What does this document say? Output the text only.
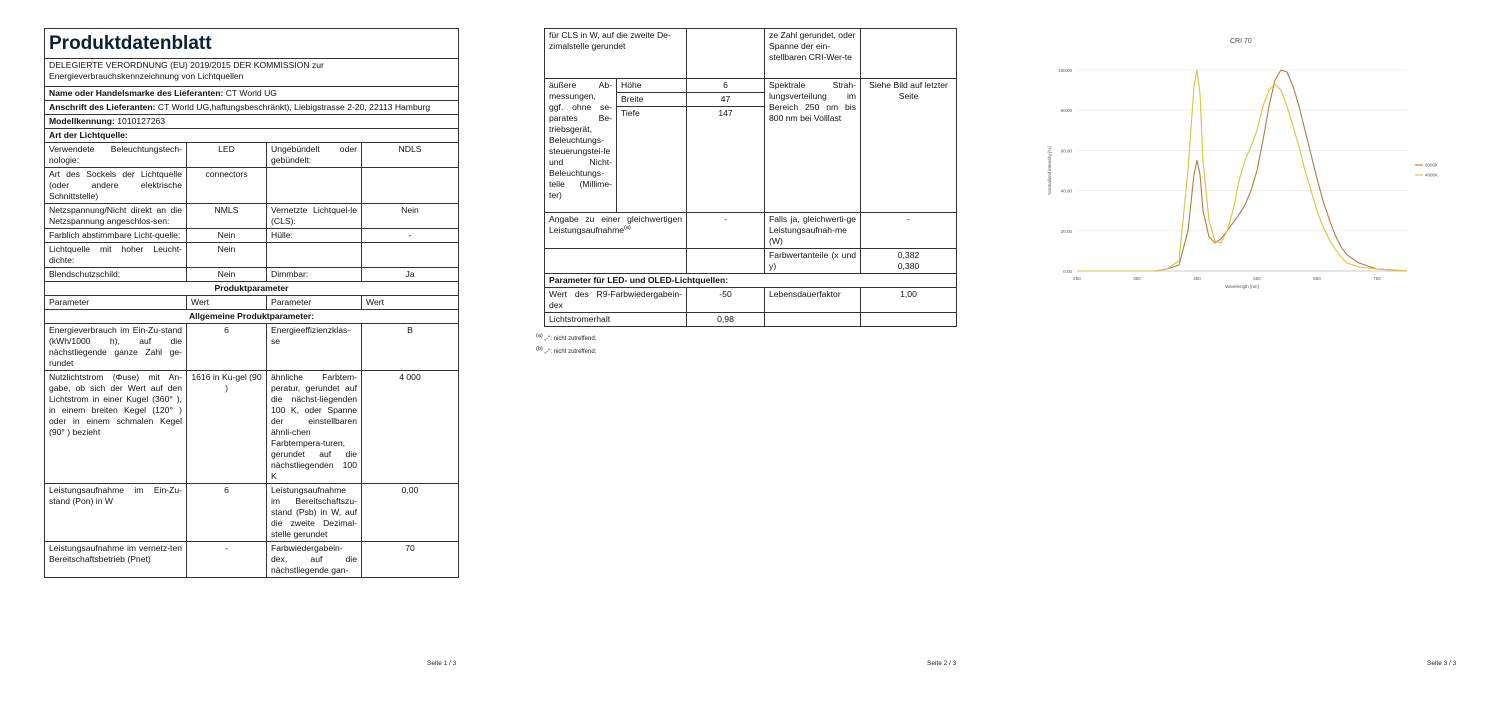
Produktdatenblatt			

DELEGIERTE VERORDNUNG (EU) 2019/2015 DER KOMMISSION zur Energieverbrauchskennzeichnung von Lichtquellen			
Name oder Handelsmarke des Lieferanten: CT World UG			
Anschrift des Lieferanten: CT World UG,haftungsbeschränkt), Liebigstrasse 2-20, 22113 Hamburg			
Modellkennung: 1010127263			
Art der Lichtquelle:			
Verwendete Beleuchtungstech-nologie:	LED	Ungebündelt oder gebündelt:	NDLS
Art des Sockels der Lichtquelle (oder andere elektrische Schnittstelle)	connectors		
Netzspannung/Nicht direkt an die Netzspannung angeschlos-sen:	NMLS	Vernetzte Lichtquel-le (CLS):	Nein
Farblich abstimmbare Licht-quelle:	Nein	Hülle:	-
Lichtquelle mit hoher Leucht-dichte:	Nein		
Blendschutzschild:	Nein	Dimmbar:	Ja
Produktparameter			
Parameter	Wert	Parameter	Wert
Allgemeine Produktparameter:			
Energieverbrauch im Ein-Zu-stand (kWh/1000 h), auf die nächstliegende ganze Zahl ge-rundet	6	Energieeffizienzklas-se	B
Nutzlichtstrom (Φuse) mit An-gabe, ob sich der Wert auf den Lichtstrom in einer Kugel (360° ), in einem breiten Kegel (120° ) oder in einem schmalen Kegel (90° ) bezieht	1616 in Ku-gel (90 )	ähnliche Farbtem-peratur, gerundet auf die nächst-liegenden 100 K, oder Spanne der einstellbaren ähnli-chen Farbtempera-turen, gerundet auf die nächstliegenden 100 K	4 000
Leistungsaufnahme im Ein-Zu-stand (Pon) in W	6	Leistungsaufnahme im Bereitschaftszu-stand (Psb) in W, auf die zweite Dezimal-stelle gerundet	0,00
Leistungsaufnahme im vernetz-ten Bereitschaftsbetrieb (Pnet)	-	Farbwiedergabein-dex, auf die nächstliegende gan-	70
Seite 1 / 3
für CLS in W, auf die zweite De-zimalstelle gerundet			ze Zahl gerundet, oder Spanne der ein-stellbaren CRI-Wer-te	
äußere Ab-messungen, ggf. ohne se-parates Be-triebsgerät, Beleuchtungs-steuerungstei-le und Nicht-Beleuchtungs-teile (Millime-ter)	Höhe	6	Spektrale Strah-lungsverteilung im Bereich 250 nm bis 800 nm bei Volllast	Siehe Bild auf letzter Seite
	Breite	47		
	Tiefe	147		
Angabe zu einer gleichwertigen Leistungsaufnahme$^{(a)}$		-	Falls ja, gleichwerti-ge Leistungsaufnah-me (W)	-
			Farbwertanteile (x und y)	0,382
0,380
Parameter für LED- und OLED-Lichtquellen:				
Wert des R9-Farbwiedergabein-dex		-50	Lebensdauerfaktor	1,00
Lichtstromerhalt		0,98		
$^{(a)}$ „-“: nicht zutreffend;
$^{(b)}$ „-“: nicht zutreffend;
Seite 2 / 3
CRI 70
0.00
20.00
40.00
60.00
80.00
100.00
250	350	450	550	650	750
Wavelength [nm]
Normalized intensity [%]	3000k
4000K
Seite 3 / 3
